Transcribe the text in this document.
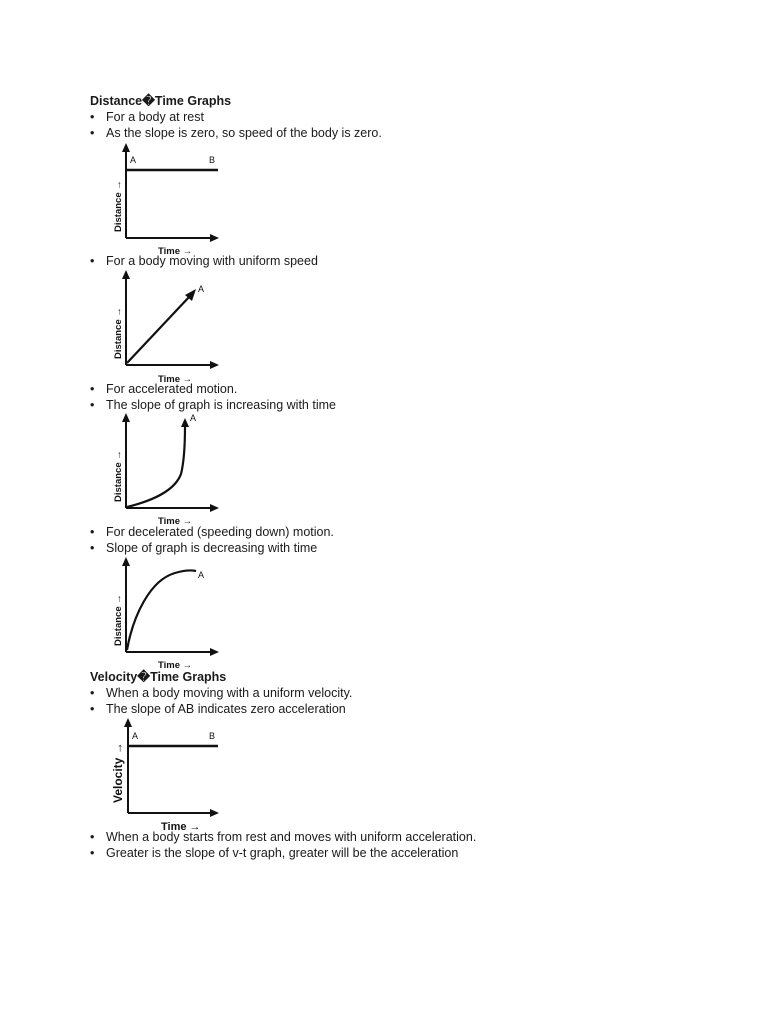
Distance�Time Graphs

• For a body at rest

• As the slope is zero, so speed of the body is zero.

A	B
Distance →
Time →

• For a body moving with uniform speed

A
Distance →
Time →

• For accelerated motion.

• The slope of graph is increasing with time

A
Distance →
Time →

• For decelerated (speeding down) motion.

• Slope of graph is decreasing with time

A
Distance →
Time →

Velocity�Time Graphs

• When a body moving with a uniform velocity.

• The slope of AB indicates zero acceleration

A	B
Velocity →
Time →

• When a body starts from rest and moves with uniform acceleration.

• Greater is the slope of v-t graph, greater will be the acceleration
